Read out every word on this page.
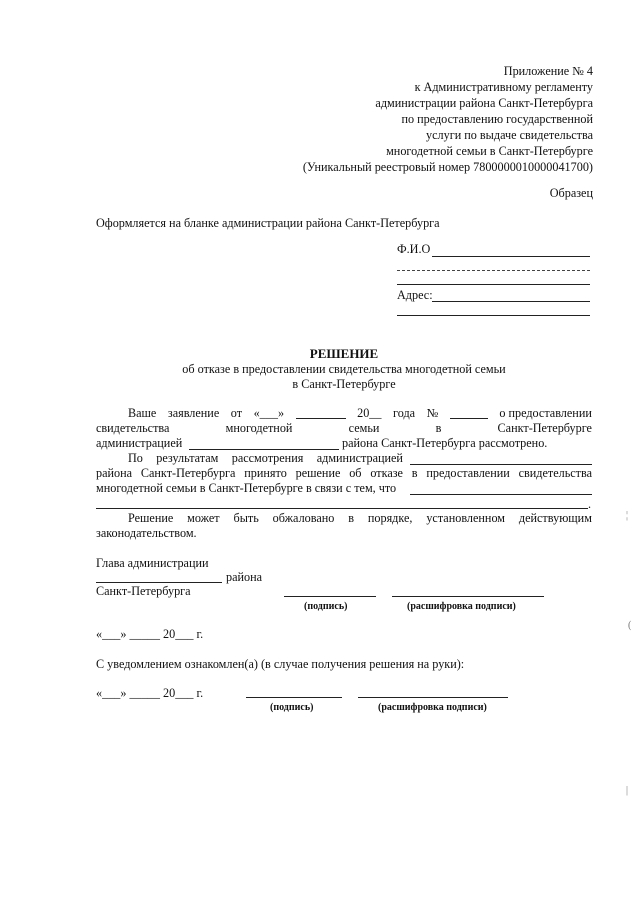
Приложение № 4
к Административному регламенту
администрации района Санкт-Петербурга
по предоставлению государственной
услуги по выдаче свидетельства
многодетной семьи в Санкт-Петербурге
(Уникальный реестровый номер 7800000010000041700)
Образец
Оформляется на бланке администрации района Санкт-Петербурга
Ф.И.О
Адрес:
РЕШЕНИЕ
об отказе в предоставлении свидетельства многодетной семьи
в Санкт-Петербурге
Ваше заявление от «___»	20__ года №	о предоставлении
свидетельства	многодетной	семьи	в	Санкт-Петербурге
администрацией	района Санкт-Петербурга рассмотрено.
По результатам рассмотрения администрацией
района Санкт-Петербурга принято решение об отказе в предоставлении свидетельства
многодетной семьи в Санкт-Петербурге в связи с тем, что
.
Решение может быть обжаловано в порядке, установленном действующим
законодательством.
Глава администрации
района
Санкт-Петербурга
(подпись)	(расшифровка подписи)
«___» _____ 20___ г.
С уведомлением ознакомлен(а) (в случае получения решения на руки):
«___» _____ 20___ г.
(подпись)	(расшифровка подписи)
¦
(
|
